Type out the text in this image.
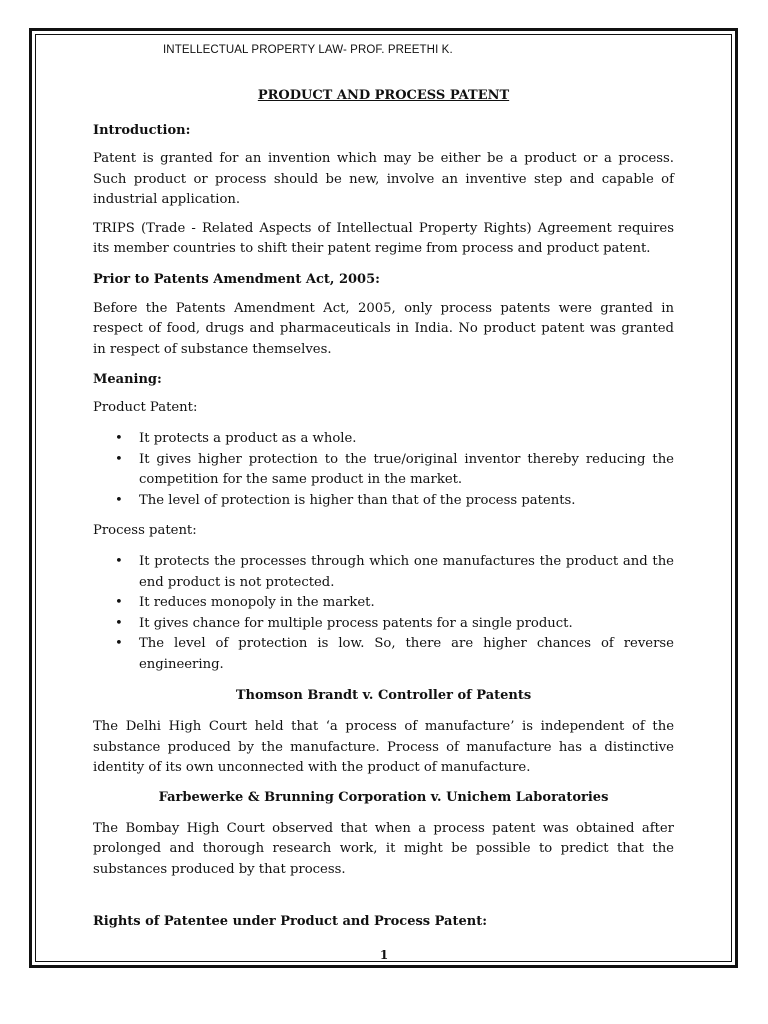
INTELLECTUAL PROPERTY LAW- PROF. PREETHI K.
PRODUCT AND PROCESS PATENT
Introduction:

Patent is granted for an invention which may be either be a product or a process. Such product or process should be new, involve an inventive step and capable of industrial application.

TRIPS (Trade - Related Aspects of Intellectual Property Rights) Agreement requires its member countries to shift their patent regime from process and product patent.

Prior to Patents Amendment Act, 2005:

Before the Patents Amendment Act, 2005, only process patents were granted in respect of food, drugs and pharmaceuticals in India. No product patent was granted in respect of substance themselves.

Meaning:
Product Patent:
• It protects a product as a whole.
• It gives higher protection to the true/original inventor thereby reducing the competition for the same product in the market.
• The level of protection is higher than that of the process patents.
Process patent:
• It protects the processes through which one manufactures the product and the end product is not protected.
• It reduces monopoly in the market.
• It gives chance for multiple process patents for a single product.
• The level of protection is low. So, there are higher chances of reverse engineering.
Thomson Brandt v. Controller of Patents

The Delhi High Court held that ‘a process of manufacture’ is independent of the substance produced by the manufacture. Process of manufacture has a distinctive identity of its own unconnected with the product of manufacture.

Farbewerke & Brunning Corporation v. Unichem Laboratories

The Bombay High Court observed that when a process patent was obtained after prolonged and thorough research work, it might be possible to predict that the substances produced by that process.

Rights of Patentee under Product and Process Patent:
1
